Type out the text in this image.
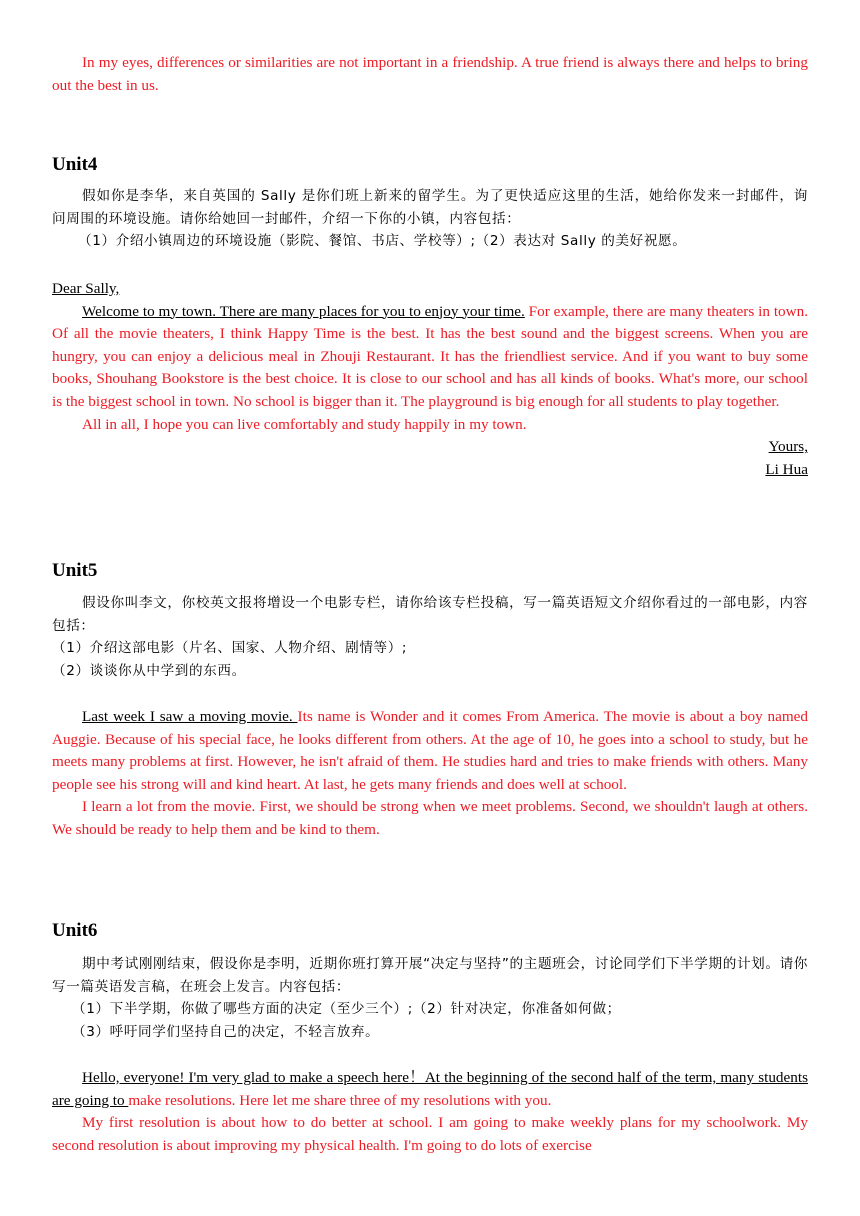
In my eyes, differences or similarities are not important in a friendship. A true friend is always there and helps to bring out the best in us.

Unit4

假如你是李华，来自英国的 Sally 是你们班上新来的留学生。为了更快适应这里的生活，她给你发来一封邮件，询问周围的环境设施。请你给她回一封邮件，介绍一下你的小镇，内容包括：

（1）介绍小镇周边的环境设施（影院、餐馆、书店、学校等）;（2）表达对 Sally 的美好祝愿。

Dear Sally,

Welcome to my town. There are many places for you to enjoy your time. For example, there are many theaters in town. Of all the movie theaters, I think Happy Time is the best. It has the best sound and the biggest screens. When you are hungry, you can enjoy a delicious meal in Zhouji Restaurant. It has the friendliest service. And if you want to buy some books, Shouhang Bookstore is the best choice. It is close to our school and has all kinds of books. What's more, our school is the biggest school in town. No school is bigger than it. The playground is big enough for all students to play together.

All in all, I hope you can live comfortably and study happily in my town.

Yours,

Li Hua

Unit5

假设你叫李文，你校英文报将增设一个电影专栏，请你给该专栏投稿，写一篇英语短文介绍你看过的一部电影，内容包括：

（1）介绍这部电影（片名、国家、人物介绍、剧情等）;

（2）谈谈你从中学到的东西。

Last week I saw a moving movie. Its name is Wonder and it comes From America. The movie is about a boy named Auggie. Because of his special face, he looks different from others. At the age of 10, he goes into a school to study, but he meets many problems at first. However, he isn't afraid of them. He studies hard and tries to make friends with others. Many people see his strong will and kind heart. At last, he gets many friends and does well at school.

I learn a lot from the movie. First, we should be strong when we meet problems. Second, we shouldn't laugh at others. We should be ready to help them and be kind to them.

Unit6

期中考试刚刚结束，假设你是李明，近期你班打算开展“决定与坚持”的主题班会，讨论同学们下半学期的计划。请你写一篇英语发言稿，在班会上发言。内容包括：

（1）下半学期，你做了哪些方面的决定（至少三个）;（2）针对决定，你准备如何做；

（3）呼吁同学们坚持自己的决定，不轻言放弃。

Hello, everyone! I'm very glad to make a speech here！At the beginning of the second half of the term, many students are going to make resolutions. Here let me share three of my resolutions with you.

My first resolution is about how to do better at school. I am going to make weekly plans for my schoolwork. My second resolution is about improving my physical health. I'm going to do lots of exercise
